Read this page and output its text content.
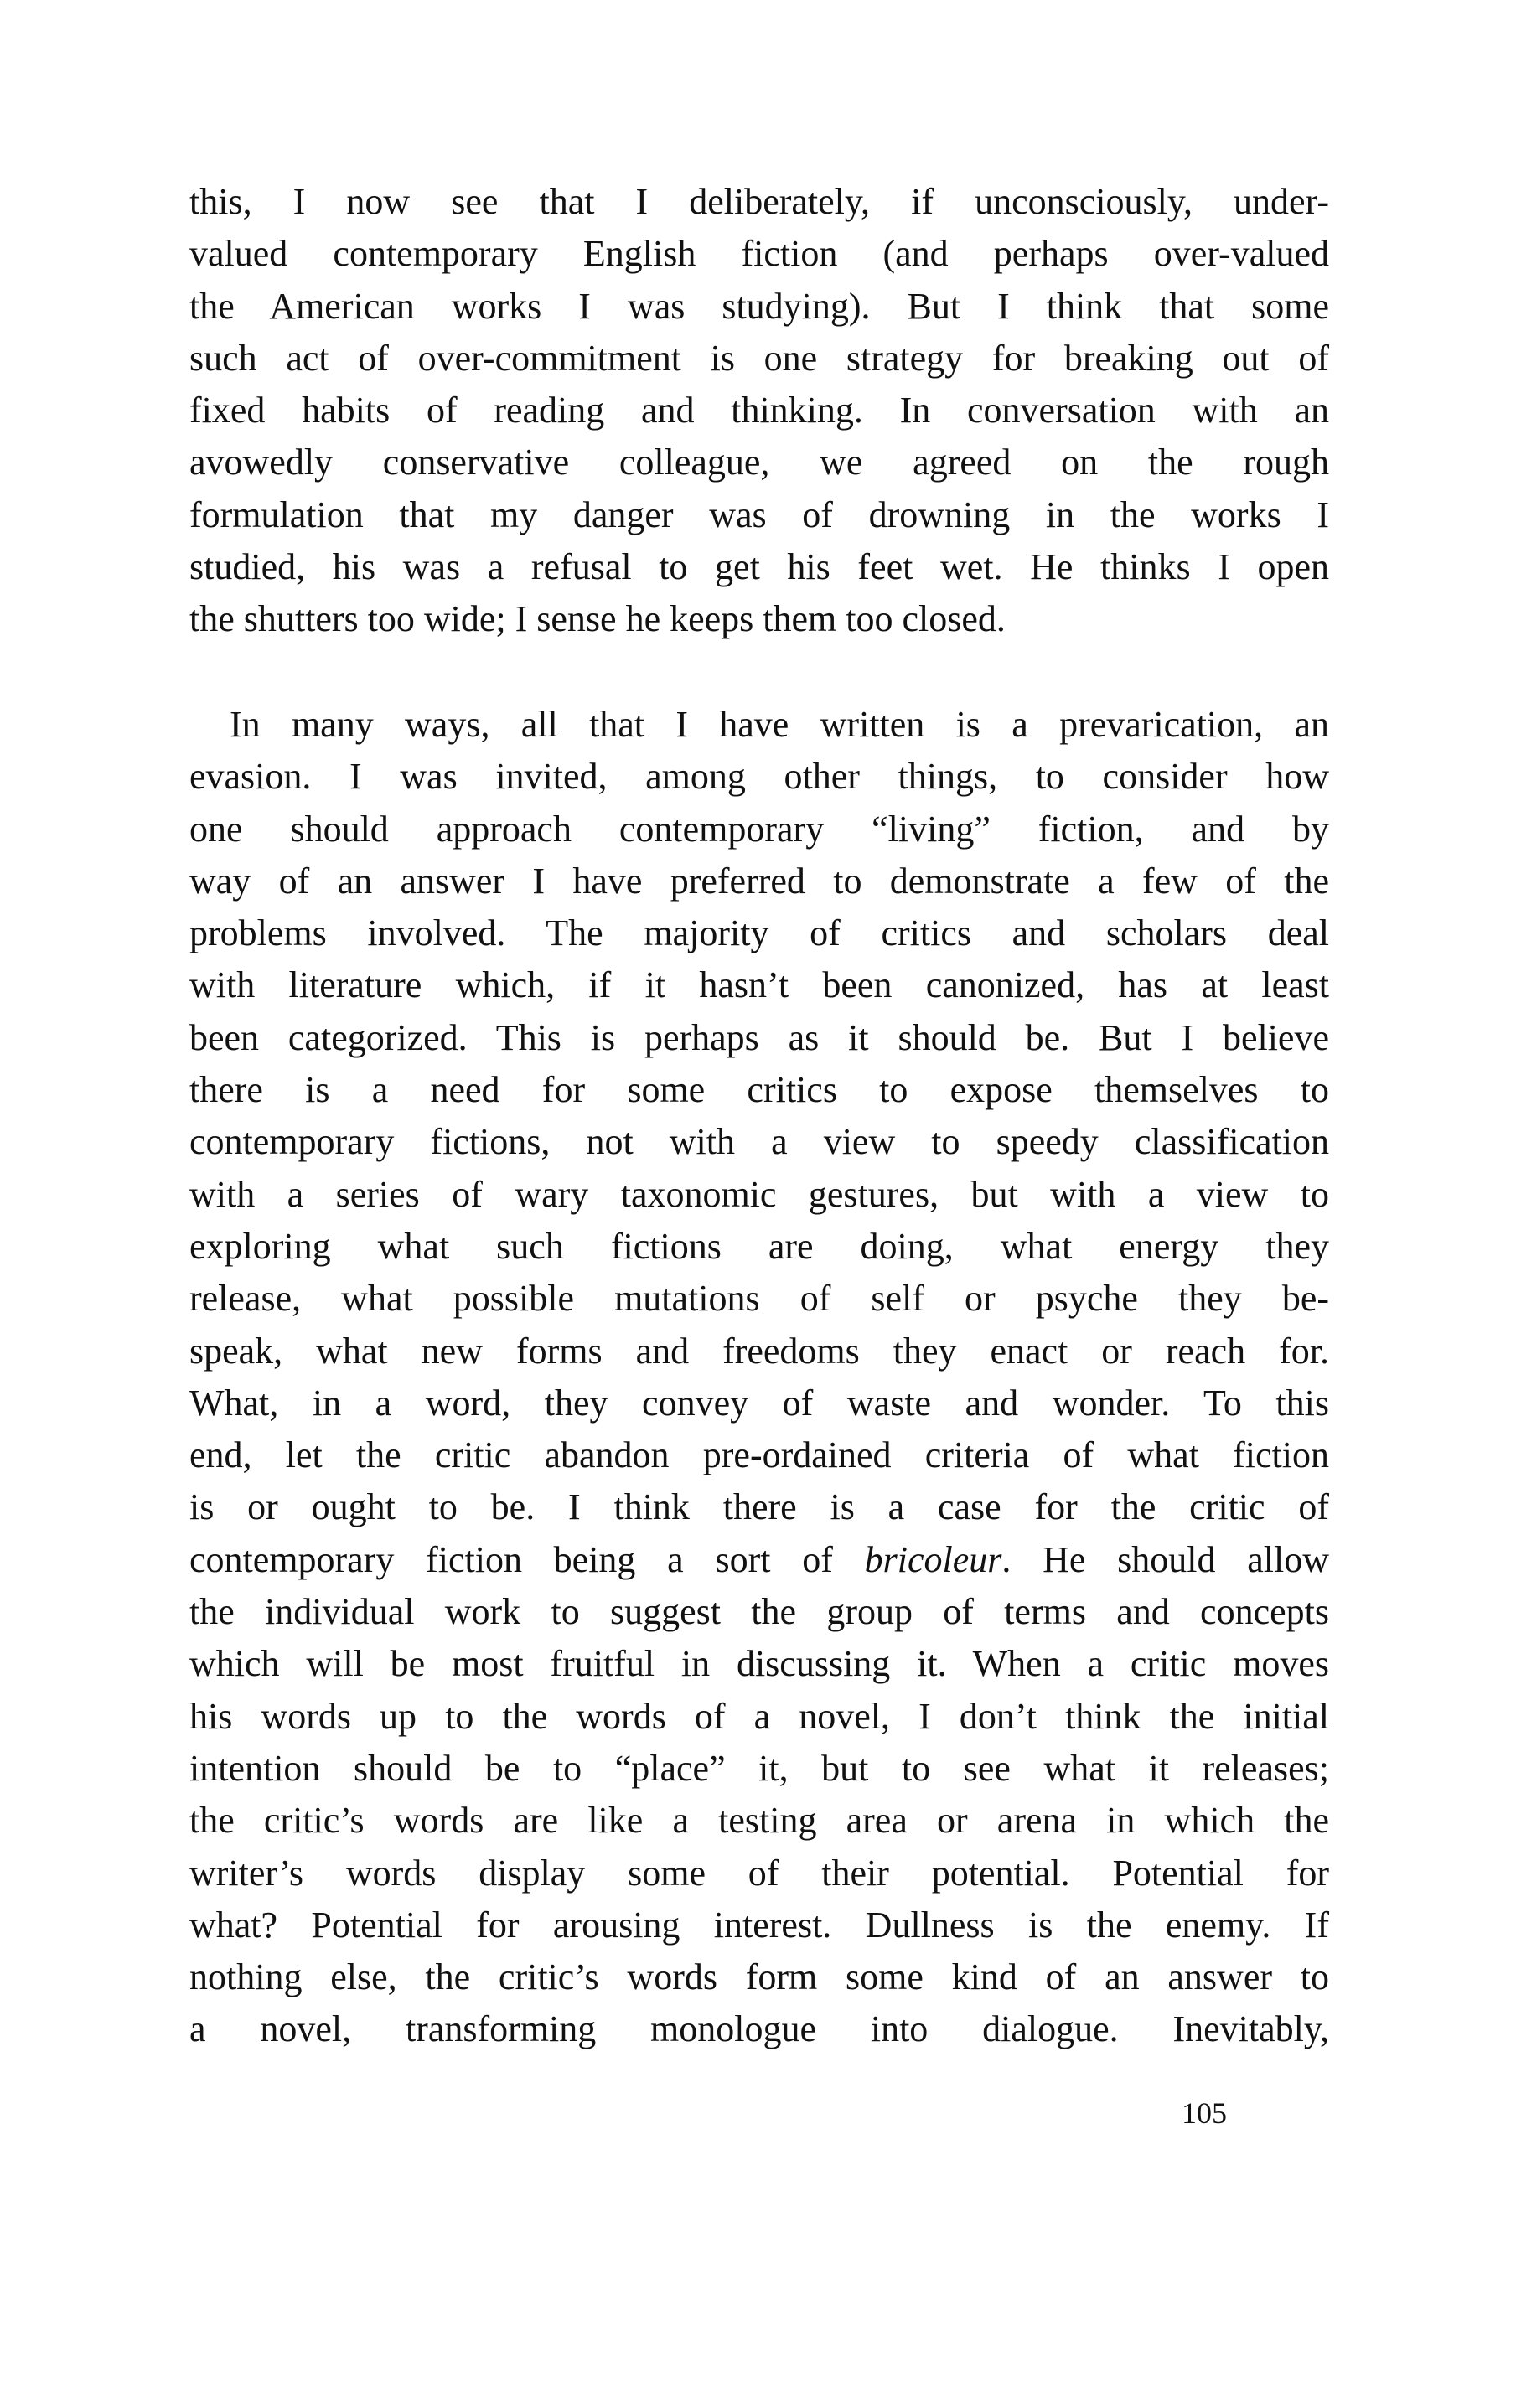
this, I now see that I deliberately, if unconsciously, under-
valued contemporary English fiction (and perhaps over-valued
the American works I was studying). But I think that some
such act of over-commitment is one strategy for breaking out of
fixed habits of reading and thinking. In conversation with an
avowedly conservative colleague, we agreed on the rough
formulation that my danger was of drowning in the works I
studied, his was a refusal to get his feet wet. He thinks I open
the shutters too wide; I sense he keeps them too closed.
In many ways, all that I have written is a prevarication, an
evasion. I was invited, among other things, to consider how
one should approach contemporary “living” fiction, and by
way of an answer I have preferred to demonstrate a few of the
problems involved. The majority of critics and scholars deal
with literature which, if it hasn’t been canonized, has at least
been categorized. This is perhaps as it should be. But I believe
there is a need for some critics to expose themselves to
contemporary fictions, not with a view to speedy classification
with a series of wary taxonomic gestures, but with a view to
exploring what such fictions are doing, what energy they
release, what possible mutations of self or psyche they be-
speak, what new forms and freedoms they enact or reach for.
What, in a word, they convey of waste and wonder. To this
end, let the critic abandon pre-ordained criteria of what fiction
is or ought to be. I think there is a case for the critic of
contemporary fiction being a sort of bricoleur. He should allow
the individual work to suggest the group of terms and concepts
which will be most fruitful in discussing it. When a critic moves
his words up to the words of a novel, I don’t think the initial
intention should be to “place” it, but to see what it releases;
the critic’s words are like a testing area or arena in which the
writer’s words display some of their potential. Potential for
what? Potential for arousing interest. Dullness is the enemy. If
nothing else, the critic’s words form some kind of an answer to
a novel, transforming monologue into dialogue. Inevitably,
105
